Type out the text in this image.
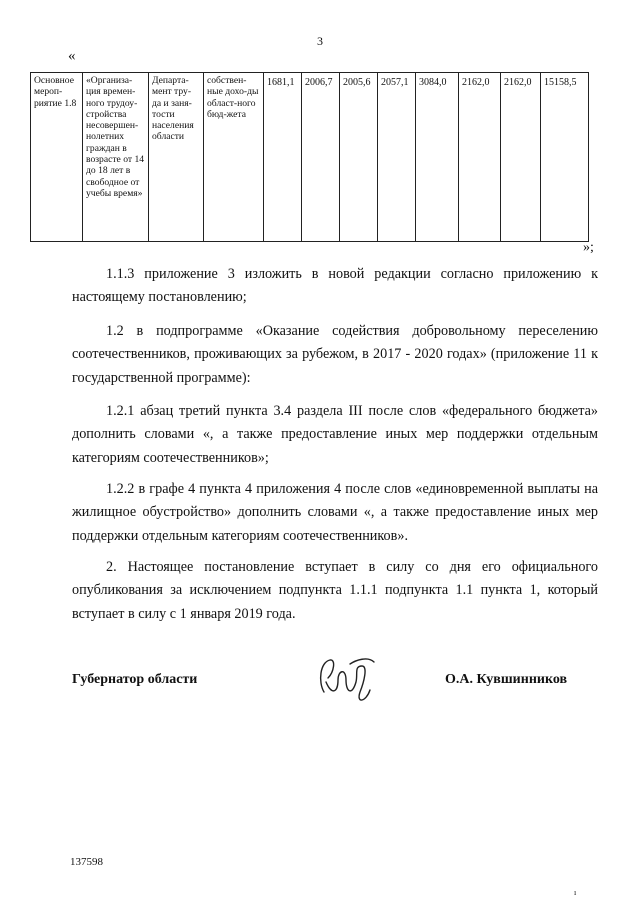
3
«
Основное мероп-риятие 1.8	«Организа-ция времен-ного трудоу-стройства несовершен-нолетних граждан в возрасте от 14 до 18 лет в свободное от учебы время»	Департа-мент тру-да и заня-тости населения области	собствен-ные дохо-ды област-ного бюд-жета	1681,1	2006,7	2005,6	2057,1	3084,0	2162,0	2162,0	15158,5
»;
1.1.3 приложение 3 изложить в новой редакции согласно приложению к настоящему постановлению;
1.2 в подпрограмме «Оказание содействия добровольному переселению соотечественников, проживающих за рубежом, в 2017 - 2020 годах» (приложение 11 к государственной программе):
1.2.1 абзац третий пункта 3.4 раздела III после слов «федерального бюджета» дополнить словами «, а также предоставление иных мер поддержки отдельным категориям соотечественников»;
1.2.2 в графе 4 пункта 4 приложения 4 после слов «единовременной выплаты на жилищное обустройство» дополнить словами «, а также предоставление иных мер поддержки отдельным категориям соотечественников».
2. Настоящее постановление вступает в силу со дня его официального опубликования за исключением подпункта 1.1.1 подпункта 1.1 пункта 1, который вступает в силу с 1 января 2019 года.
Губернатор области	О.А. Кувшинников
137598
ı
